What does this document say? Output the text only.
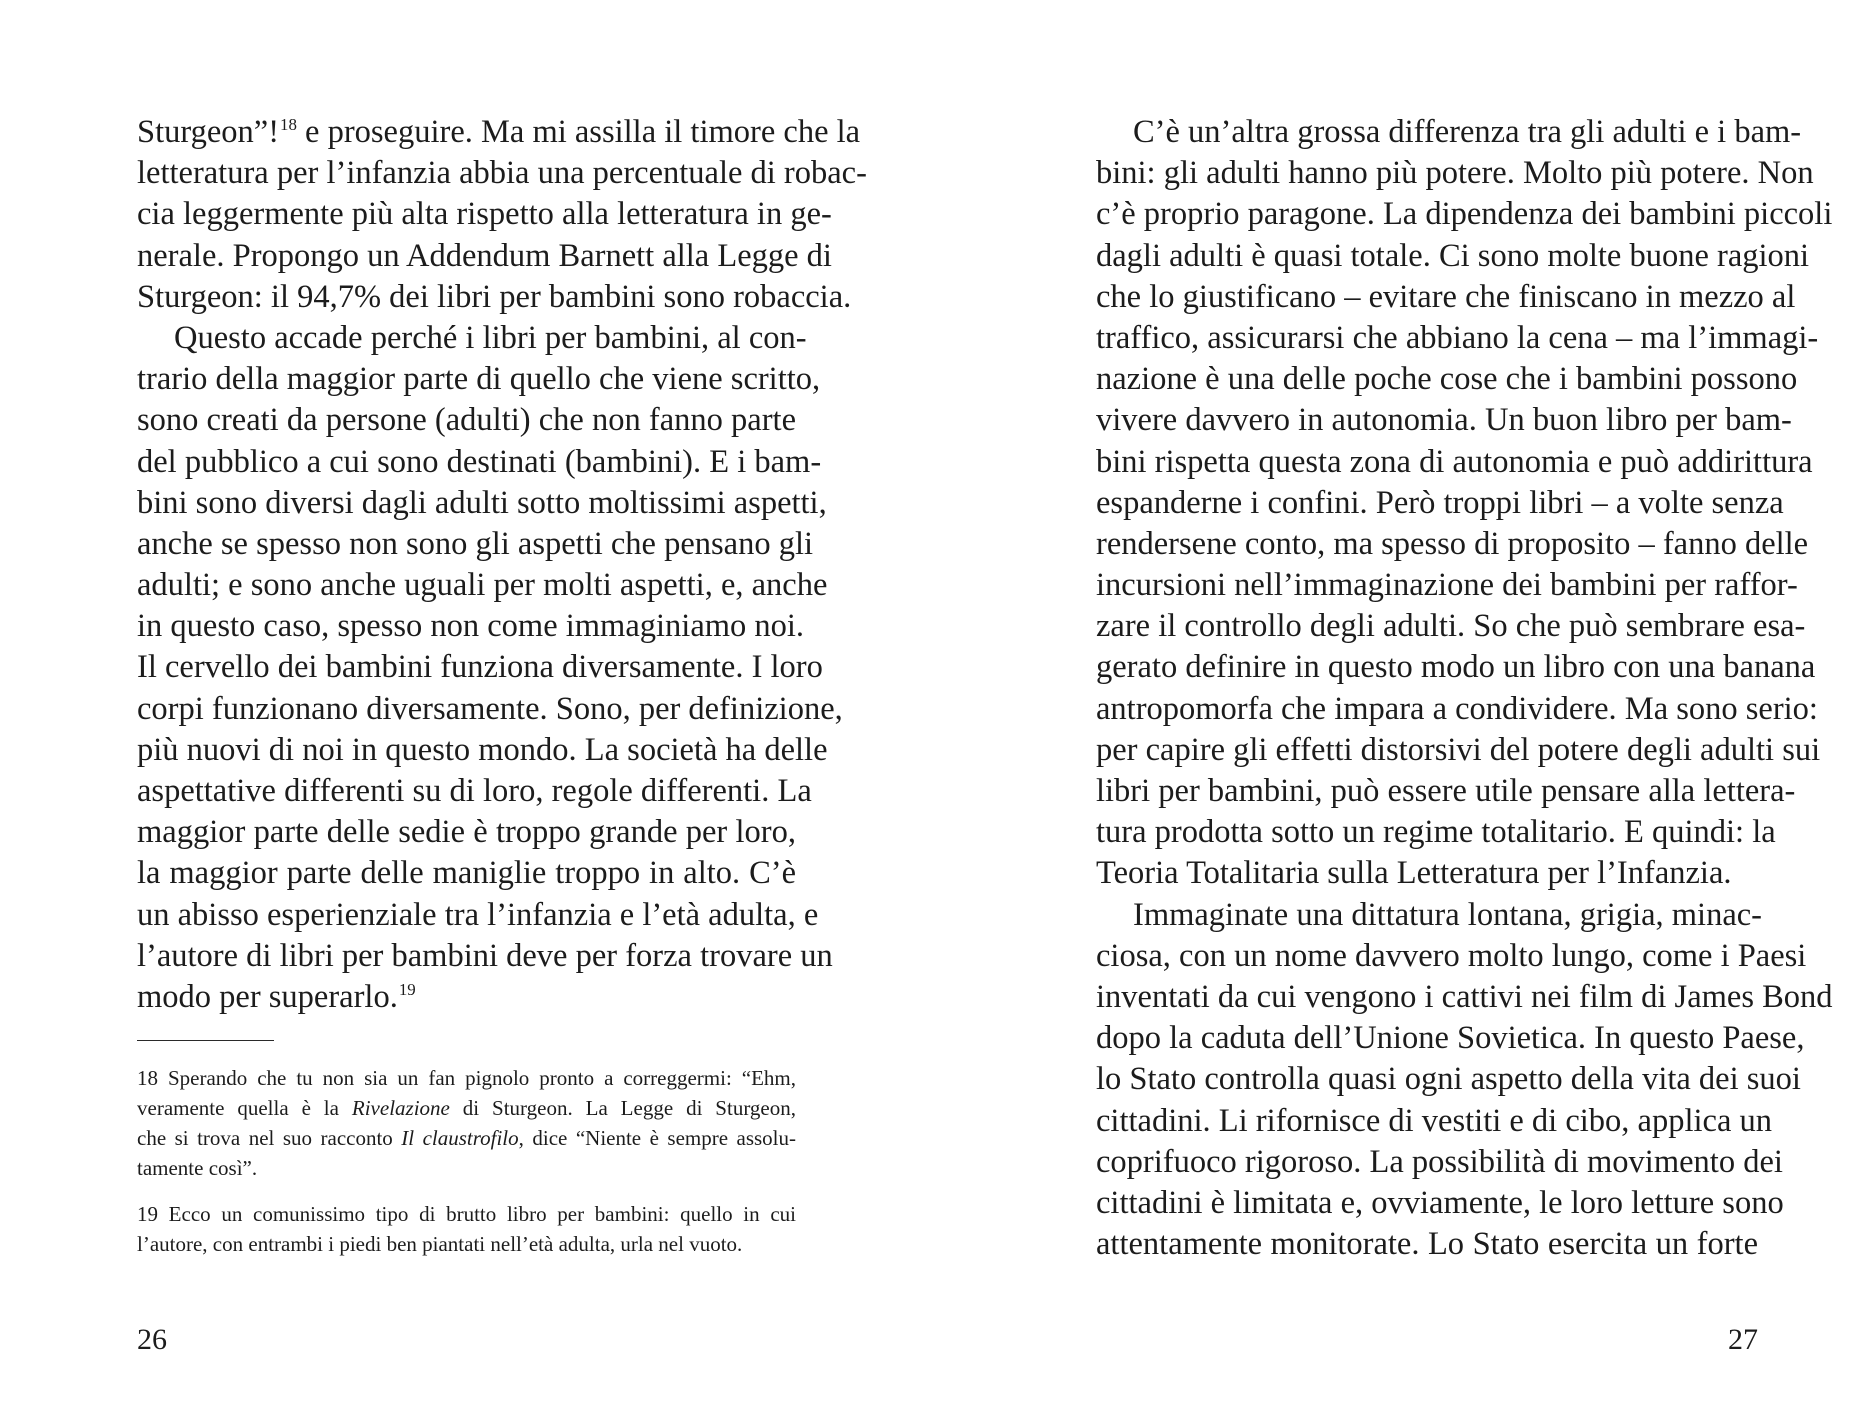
Sturgeon”!$^{18}$ e proseguire. Ma mi assilla il timore che la
letteratura per l’infanzia abbia una percentuale di robac-
cia leggermente più alta rispetto alla letteratura in ge-
nerale. Propongo un Addendum Barnett alla Legge di
Sturgeon: il 94,7% dei libri per bambini sono robaccia.
Questo accade perché i libri per bambini, al con-
trario della maggior parte di quello che viene scritto,
sono creati da persone (adulti) che non fanno parte
del pubblico a cui sono destinati (bambini). E i bam-
bini sono diversi dagli adulti sotto moltissimi aspetti,
anche se spesso non sono gli aspetti che pensano gli
adulti; e sono anche uguali per molti aspetti, e, anche
in questo caso, spesso non come immaginiamo noi.
Il cervello dei bambini funziona diversamente. I loro
corpi funzionano diversamente. Sono, per definizione,
più nuovi di noi in questo mondo. La società ha delle
aspettative differenti su di loro, regole differenti. La
maggior parte delle sedie è troppo grande per loro,
la maggior parte delle maniglie troppo in alto. C’è
un abisso esperienziale tra l’infanzia e l’età adulta, e
l’autore di libri per bambini deve per forza trovare un
modo per superarlo.$^{19}$
18 Sperando che tu non sia un fan pignolo pronto a correggermi: “Ehm,
veramente quella è la Rivelazione di Sturgeon. La Legge di Sturgeon,
che si trova nel suo racconto Il claustrofilo, dice “Niente è sempre assolu-
tamente così”.
19 Ecco un comunissimo tipo di brutto libro per bambini: quello in cui
l’autore, con entrambi i piedi ben piantati nell’età adulta, urla nel vuoto.
26
C’è un’altra grossa differenza tra gli adulti e i bam-
bini: gli adulti hanno più potere. Molto più potere. Non
c’è proprio paragone. La dipendenza dei bambini piccoli
dagli adulti è quasi totale. Ci sono molte buone ragioni
che lo giustificano – evitare che finiscano in mezzo al
traffico, assicurarsi che abbiano la cena – ma l’immagi-
nazione è una delle poche cose che i bambini possono
vivere davvero in autonomia. Un buon libro per bam-
bini rispetta questa zona di autonomia e può addirittura
espanderne i confini. Però troppi libri – a volte senza
rendersene conto, ma spesso di proposito – fanno delle
incursioni nell’immaginazione dei bambini per raffor-
zare il controllo degli adulti. So che può sembrare esa-
gerato definire in questo modo un libro con una banana
antropomorfa che impara a condividere. Ma sono serio:
per capire gli effetti distorsivi del potere degli adulti sui
libri per bambini, può essere utile pensare alla lettera-
tura prodotta sotto un regime totalitario. E quindi: la
Teoria Totalitaria sulla Letteratura per l’Infanzia.
Immaginate una dittatura lontana, grigia, minac-
ciosa, con un nome davvero molto lungo, come i Paesi
inventati da cui vengono i cattivi nei film di James Bond
dopo la caduta dell’Unione Sovietica. In questo Paese,
lo Stato controlla quasi ogni aspetto della vita dei suoi
cittadini. Li rifornisce di vestiti e di cibo, applica un
coprifuoco rigoroso. La possibilità di movimento dei
cittadini è limitata e, ovviamente, le loro letture sono
attentamente monitorate. Lo Stato esercita un forte
27
